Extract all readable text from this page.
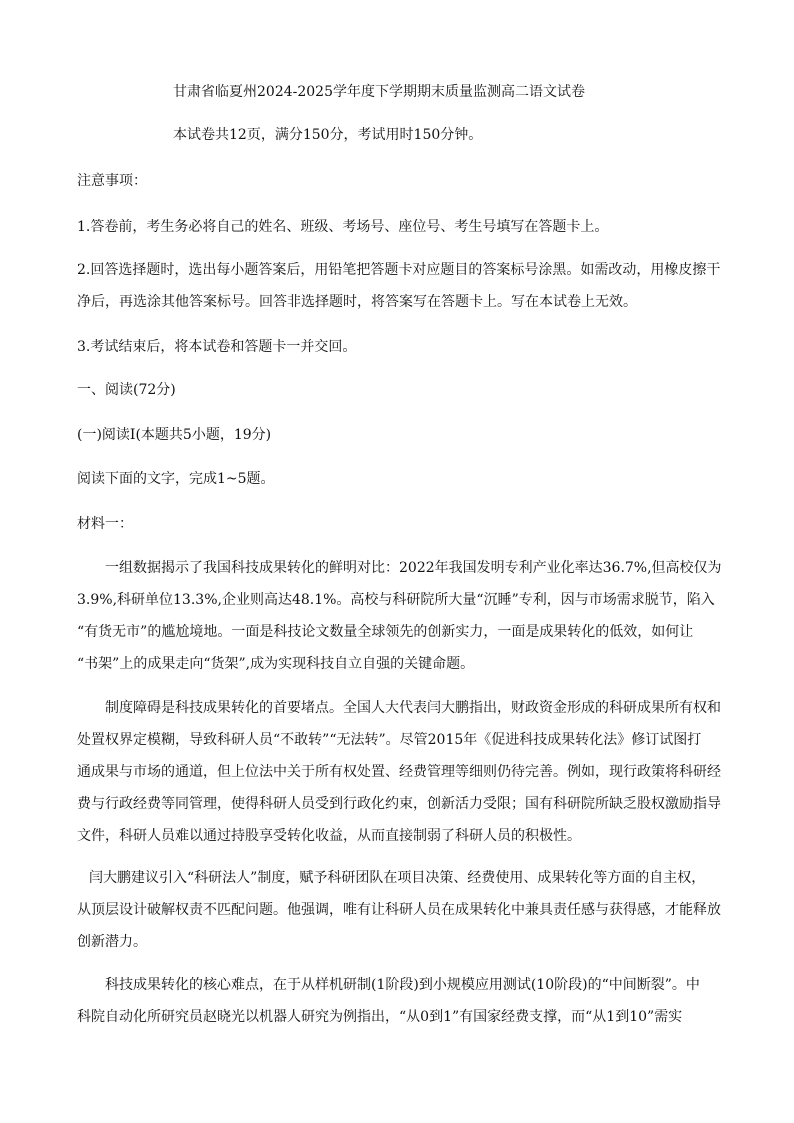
甘肃省临夏州2024-2025学年度下学期期末质量监测高二语文试卷

本试卷共12页，满分150分，考试用时150分钟。

注意事项：

1.答卷前，考生务必将自己的姓名、班级、考场号、座位号、考生号填写在答题卡上。

2.回答选择题时，选出每小题答案后，用铅笔把答题卡对应题目的答案标号涂黑。如需改动，用橡皮擦干

净后，再选涂其他答案标号。回答非选择题时，将答案写在答题卡上。写在本试卷上无效。

3.考试结束后，将本试卷和答题卡一并交回。

一、阅读(72分)

(一)阅读Ⅰ(本题共5小题，19分)

阅读下面的文字，完成1~5题。

材料一：

一组数据揭示了我国科技成果转化的鲜明对比：2022年我国发明专利产业化率达36.7%,但高校仅为

3.9%,科研单位13.3%,企业则高达48.1%。高校与科研院所大量“沉睡”专利，因与市场需求脱节，陷入

“有货无市”的尴尬境地。一面是科技论文数量全球领先的创新实力，一面是成果转化的低效，如何让

“书架”上的成果走向“货架”,成为实现科技自立自强的关键命题。

制度障碍是科技成果转化的首要堵点。全国人大代表闫大鹏指出，财政资金形成的科研成果所有权和

处置权界定模糊，导致科研人员“不敢转”“无法转”。尽管2015年《促进科技成果转化法》修订试图打

通成果与市场的通道，但上位法中关于所有权处置、经费管理等细则仍待完善。例如，现行政策将科研经

费与行政经费等同管理，使得科研人员受到行政化约束，创新活力受限；国有科研院所缺乏股权激励指导

文件，科研人员难以通过持股享受转化收益，从而直接制弱了科研人员的积极性。

闫大鹏建议引入“科研法人”制度，赋予科研团队在项目决策、经费使用、成果转化等方面的自主权，

从顶层设计破解权责不匹配问题。他强调，唯有让科研人员在成果转化中兼具责任感与获得感，才能释放

创新潜力。

科技成果转化的核心难点，在于从样机研制(1阶段)到小规模应用测试(10阶段)的“中间断裂”。中

科院自动化所研究员赵晓光以机器人研究为例指出，“从0到1”有国家经费支撑，而“从1到10”需实
